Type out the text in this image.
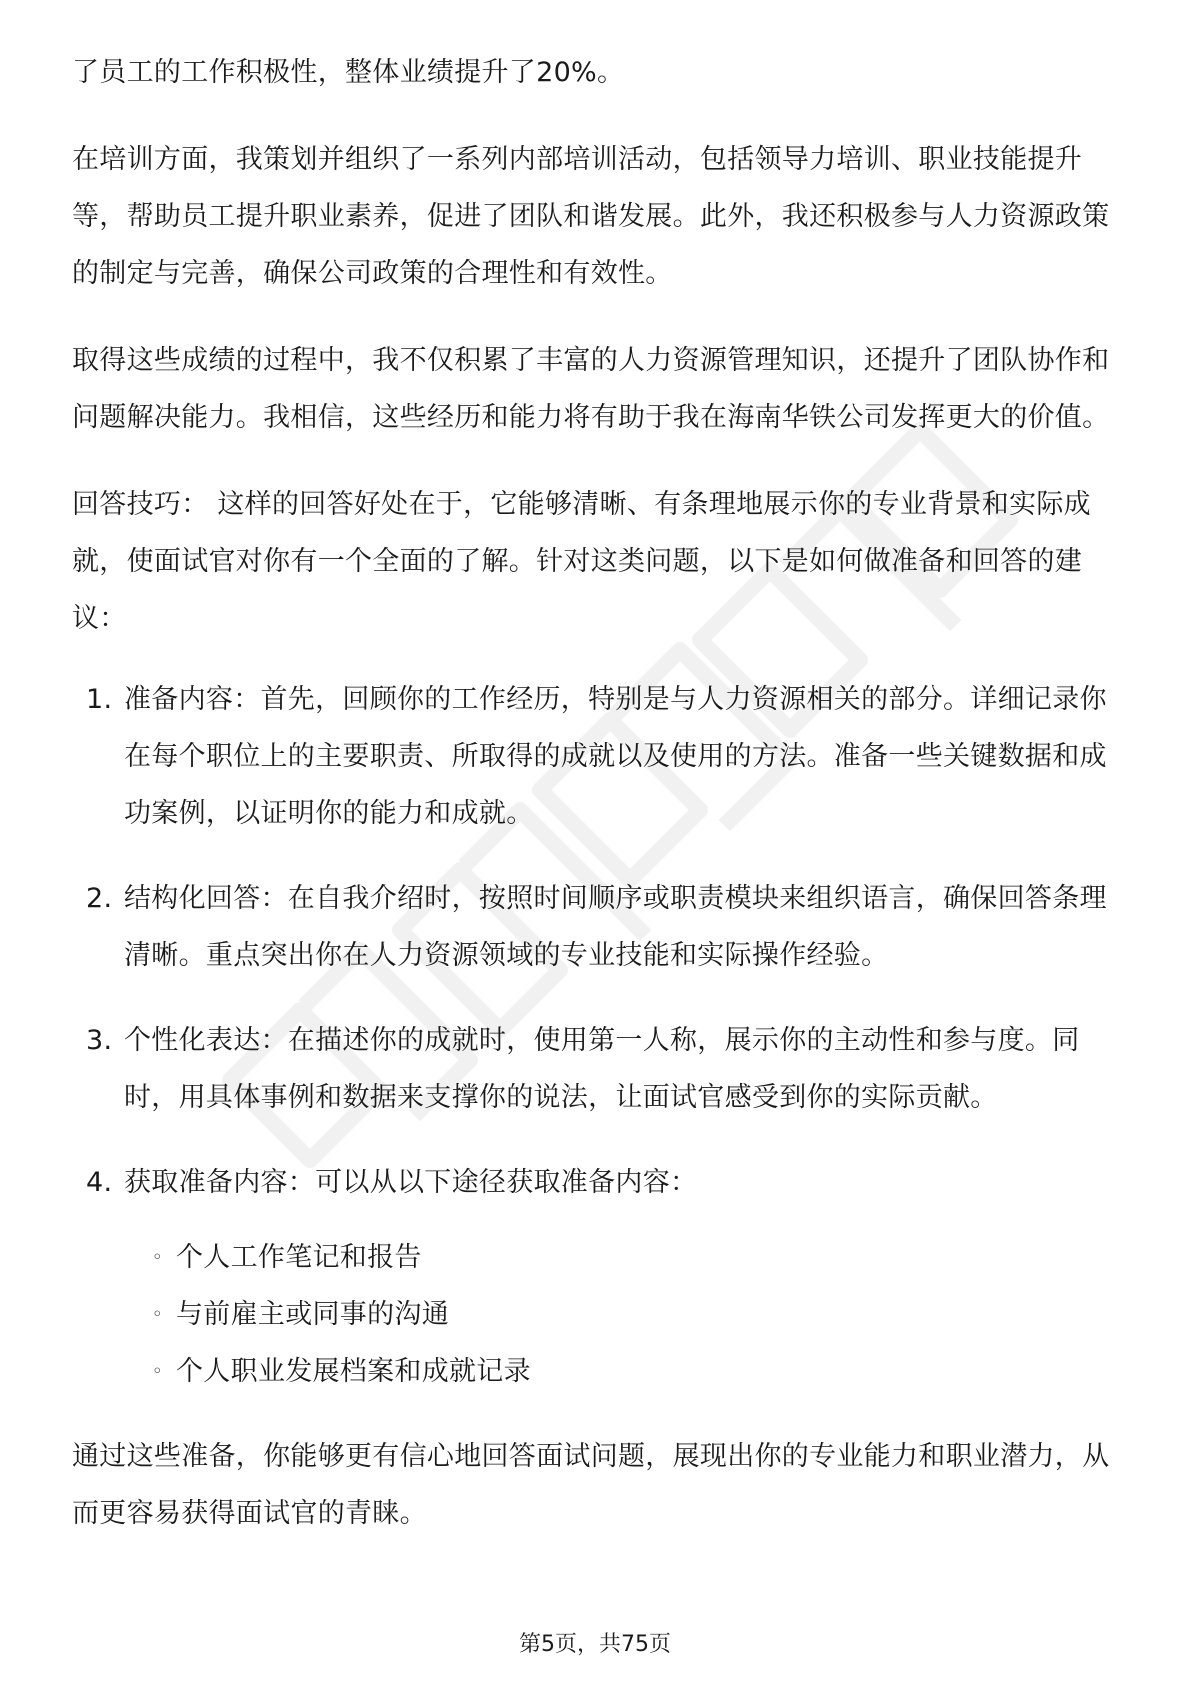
了员工的工作积极性，整体业绩提升了20%。

在培训方面，我策划并组织了一系列内部培训活动，包括领导力培训、职业技能提升等，帮助员工提升职业素养，促进了团队和谐发展。此外，我还积极参与人力资源政策的制定与完善，确保公司政策的合理性和有效性。

取得这些成绩的过程中，我不仅积累了丰富的人力资源管理知识，还提升了团队协作和问题解决能力。我相信，这些经历和能力将有助于我在海南华铁公司发挥更大的价值。

回答技巧： 这样的回答好处在于，它能够清晰、有条理地展示你的专业背景和实际成就，使面试官对你有一个全面的了解。针对这类问题，以下是如何做准备和回答的建议：

1. 准备内容：首先，回顾你的工作经历，特别是与人力资源相关的部分。详细记录你在每个职位上的主要职责、所取得的成就以及使用的方法。准备一些关键数据和成功案例，以证明你的能力和成就。
2. 结构化回答：在自我介绍时，按照时间顺序或职责模块来组织语言，确保回答条理清晰。重点突出你在人力资源领域的专业技能和实际操作经验。
3. 个性化表达：在描述你的成就时，使用第一人称，展示你的主动性和参与度。同时，用具体事例和数据来支撑你的说法，让面试官感受到你的实际贡献。
4. 获取准备内容：可以从以下途径获取准备内容：
◦ 个人工作笔记和报告
◦ 与前雇主或同事的沟通
◦ 个人职业发展档案和成就记录

通过这些准备，你能够更有信心地回答面试问题，展现出你的专业能力和职业潜力，从而更容易获得面试官的青睐。

第5页，共75页
